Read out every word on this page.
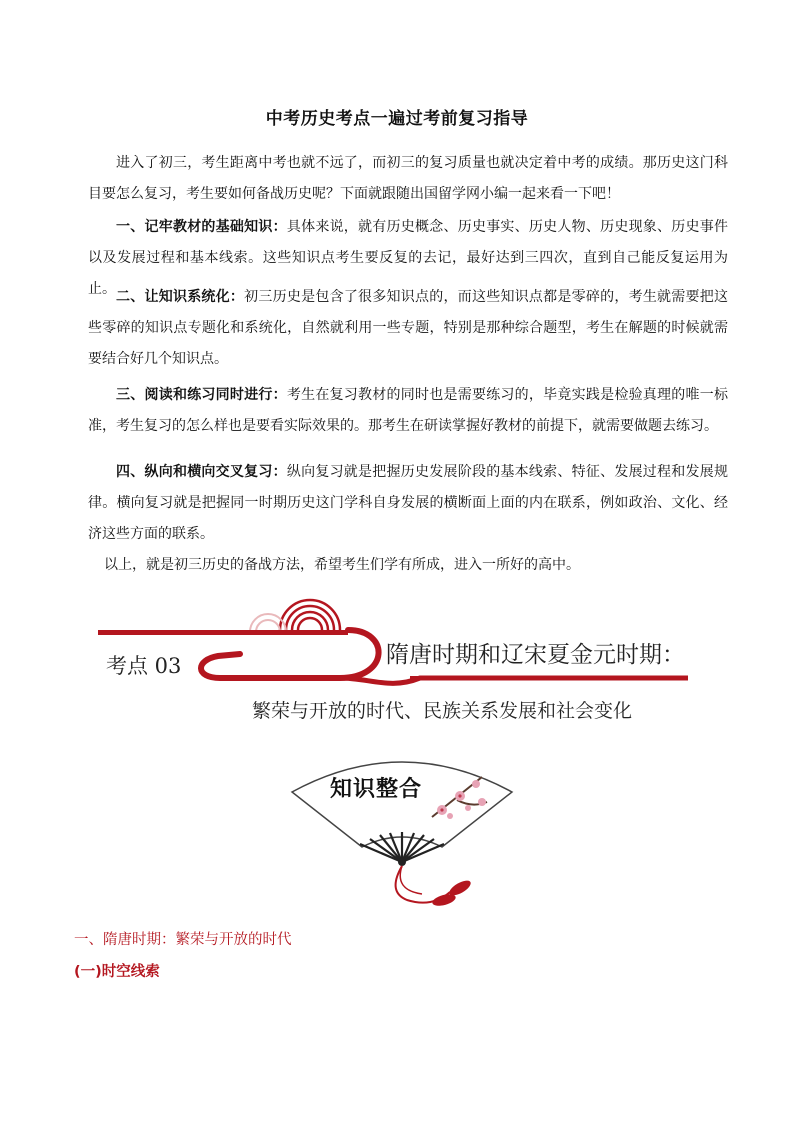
中考历史考点一遍过考前复习指导
进入了初三，考生距离中考也就不远了，而初三的复习质量也就决定着中考的成绩。那历史这门科目要怎么复习，考生要如何备战历史呢？下面就跟随出国留学网小编一起来看一下吧！
一、记牢教材的基础知识：具体来说，就有历史概念、历史事实、历史人物、历史现象、历史事件以及发展过程和基本线索。这些知识点考生要反复的去记，最好达到三四次，直到自己能反复运用为止。 二、让知识系统化：初三历史是包含了很多知识点的，而这些知识点都是零碎的，考生就需要把这些零碎的知识点专题化和系统化，自然就利用一些专题，特别是那种综合题型，考生在解题的时候就需要结合好几个知识点。
三、阅读和练习同时进行：考生在复习教材的同时也是需要练习的，毕竟实践是检验真理的唯一标准，考生复习的怎么样也是要看实际效果的。那考生在研读掌握好教材的前提下，就需要做题去练习。
四、纵向和横向交叉复习：纵向复习就是把握历史发展阶段的基本线索、特征、发展过程和发展规律。横向复习就是把握同一时期历史这门学科自身发展的横断面上面的内在联系，例如政治、文化、经济这些方面的联系。
以上，就是初三历史的备战方法，希望考生们学有所成，进入一所好的高中。
考点 03	隋唐时期和辽宋夏金元时期：
繁荣与开放的时代、民族关系发展和社会变化
知识整合
一、隋唐时期：繁荣与开放的时代
(一)时空线索
